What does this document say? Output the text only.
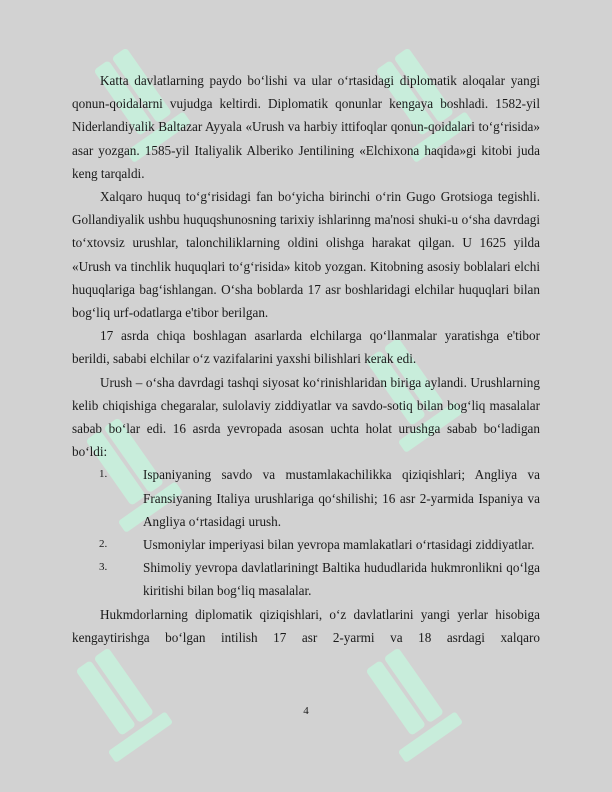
Katta davlatlarning paydo bo‘lishi va ular o‘rtasidagi diplomatik aloqalar yangi qonun-qoidalarni vujudga keltirdi. Diplomatik qonunlar kengaya boshladi. 1582-yil Niderlandiyalik Baltazar Ayyala «Urush va harbiy ittifoqlar qonun-qoidalari to‘g‘risida» asar yozgan. 1585-yil Italiyalik Alberiko Jentilining «Elchixona haqida»gi kitobi juda keng tarqaldi.

Xalqaro huquq to‘g‘risidagi fan bo‘yicha birinchi o‘rin Gugo Grotsioga tegishli. Gollandiyalik ushbu huquqshunosning tarixiy ishlarinng ma'nosi shuki-u o‘sha davrdagi to‘xtovsiz urushlar, talonchiliklarning oldini olishga harakat qilgan. U 1625 yilda «Urush va tinchlik huquqlari to‘g‘risida» kitob yozgan. Kitobning asosiy boblalari elchi huquqlariga bag‘ishlangan. O‘sha boblarda 17 asr boshlaridagi elchilar huquqlari bilan bog‘liq urf-odatlarga e'tibor berilgan.

17 asrda chiqa boshlagan asarlarda elchilarga qo‘llanmalar yaratishga e'tibor berildi, sababi elchilar o‘z vazifalarini yaxshi bilishlari kerak edi.

Urush – o‘sha davrdagi tashqi siyosat ko‘rinishlaridan biriga aylandi. Urushlarning kelib chiqishiga chegaralar, sulolaviy ziddiyatlar va savdo-sotiq bilan bog‘liq masalalar sabab bo‘lar edi. 16 asrda yevropada asosan uchta holat urushga sabab bo‘ladigan bo‘ldi:

1.	Ispaniyaning savdo va mustamlakachilikka qiziqishlari; Angliya va Fransiyaning Italiya urushlariga qo‘shilishi; 16 asr 2-yarmida Ispaniya va Angliya o‘rtasidagi urush.
2.	Usmoniylar imperiyasi bilan yevropa mamlakatlari o‘rtasidagi ziddiyatlar.
3.	Shimoliy yevropa davlatlariningt Baltika hududlarida hukmronlikni qo‘lga kiritishi bilan bog‘liq masalalar.

Hukmdorlarning diplomatik qiziqishlari, o‘z davlatlarini yangi yerlar hisobiga kengaytirishga bo‘lgan intilish 17 asr 2-yarmi va 18 asrdagi xalqaro

4
